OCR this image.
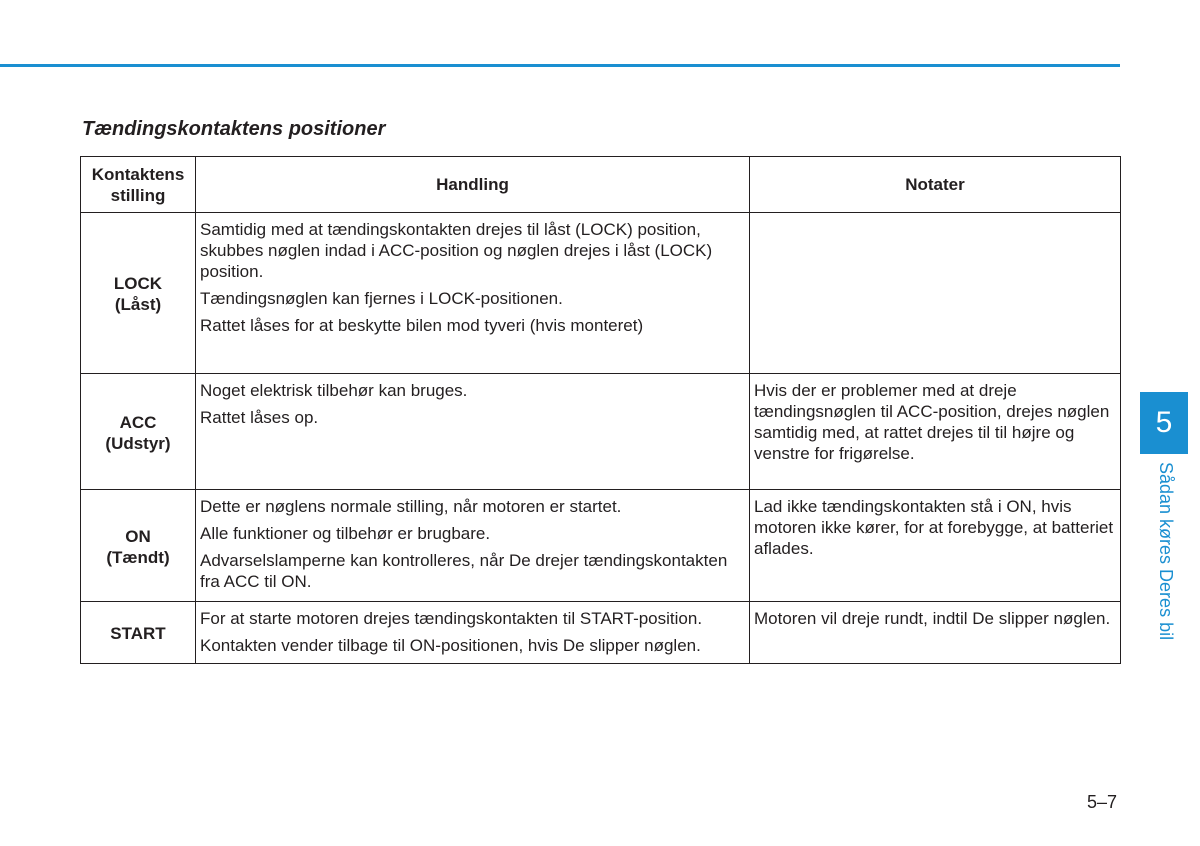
Tændingskontaktens positioner
Kontaktens stilling	Handling	Notater

LOCK
(Låst)	Samtidig med at tændingskontakten drejes til låst (LOCK) position, skubbes nøglen indad i ACC-position og nøglen drejes i låst (LOCK) position.
Tændingsnøglen kan fjernes i LOCK-positionen.
Rattet låses for at beskytte bilen mod tyveri (hvis monteret)	

ACC
(Udstyr)	Noget elektrisk tilbehør kan bruges.
Rattet låses op.	Hvis der er problemer med at dreje tændingsnøglen til ACC-position, drejes nøglen samtidig med, at rattet drejes til til højre og venstre for frigørelse.

ON
(Tændt)	Dette er nøglens normale stilling, når motoren er startet.
Alle funktioner og tilbehør er brugbare.
Advarselslamperne kan kontrolleres, når De drejer tændingskontakten fra ACC til ON.	Lad ikke tændingskontakten stå i ON, hvis motoren ikke kører, for at forebygge, at batteriet aflades.

START	For at starte motoren drejes tændingskontakten til START-position.
Kontakten vender tilbage til ON-positionen, hvis De slipper nøglen.	Motoren vil dreje rundt, indtil De slipper nøglen.
5
Sådan køres Deres bil
5–7
